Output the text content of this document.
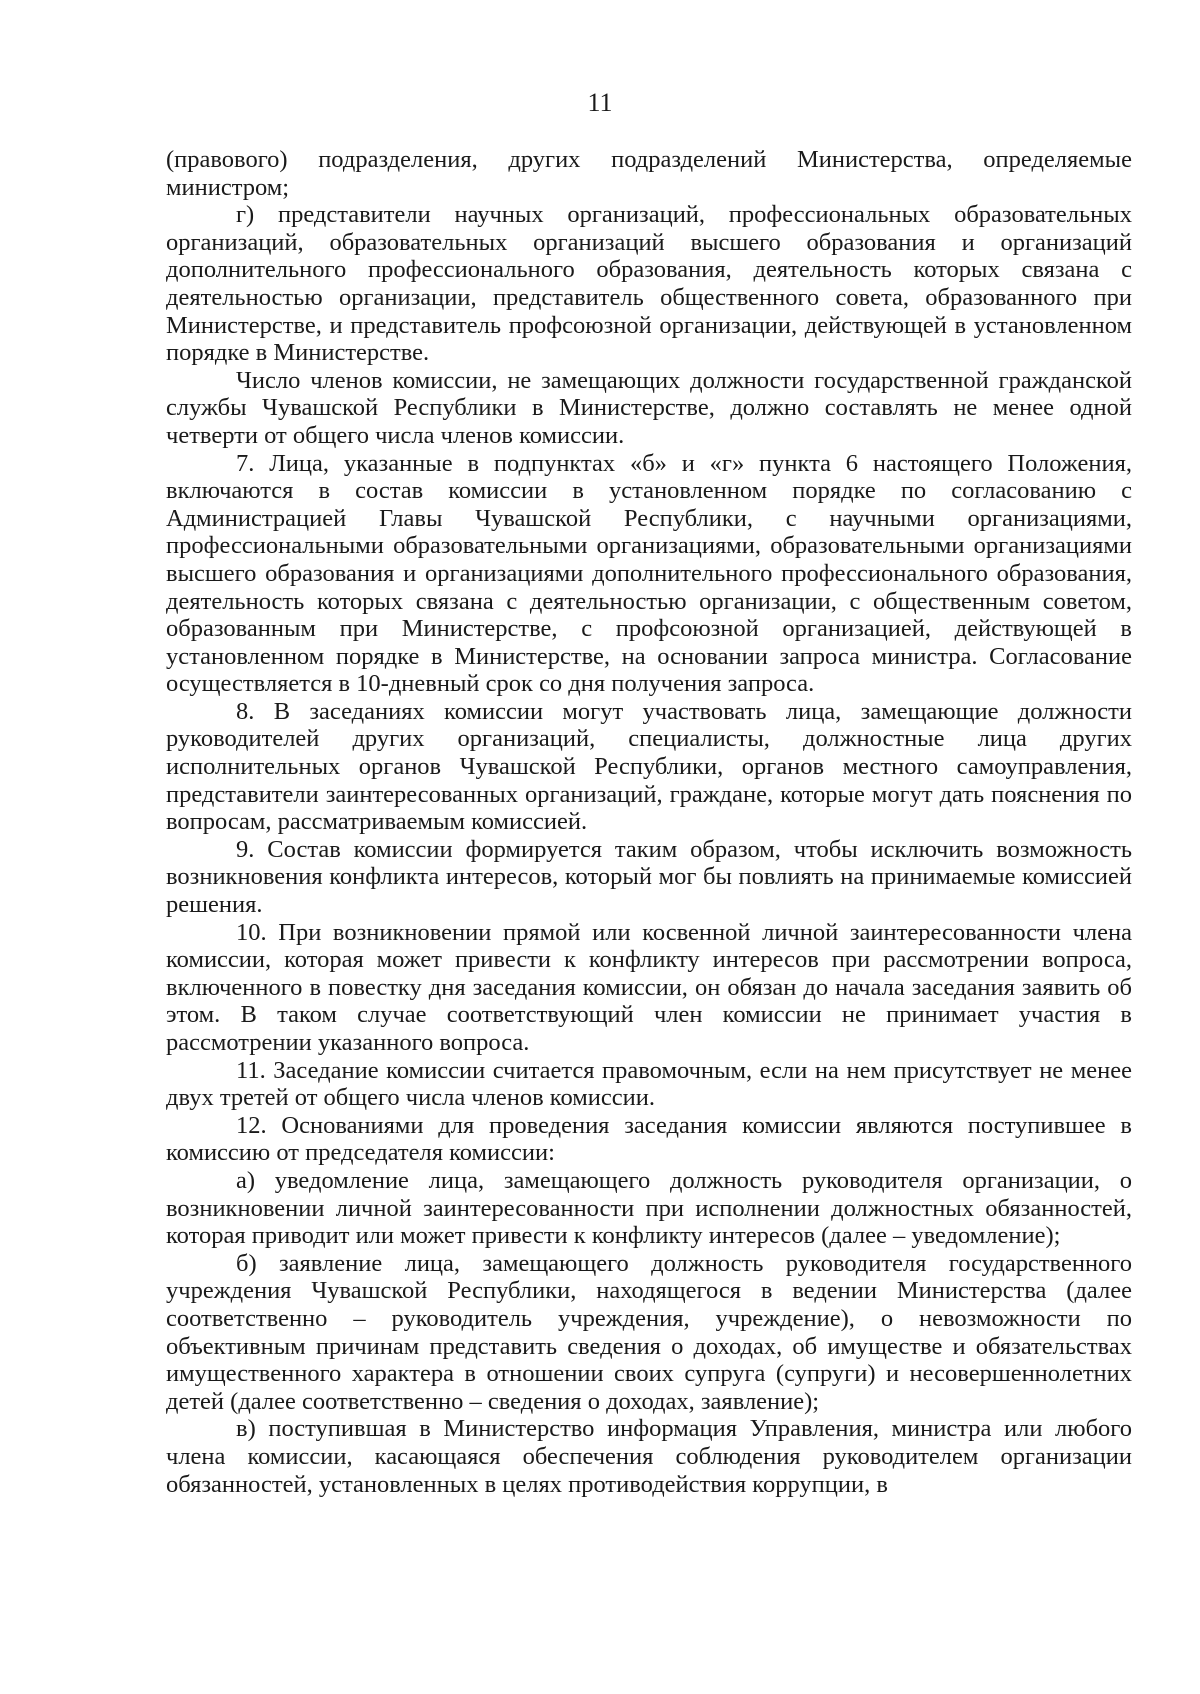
11

(правового) подразделения, других подразделений Министерства, определяемые министром;

г) представители научных организаций, профессиональных образовательных организаций, образовательных организаций высшего образования и организаций дополнительного профессионального образования, деятельность которых связана с деятельностью организации, представитель общественного совета, образованного при Министерстве, и представитель профсоюзной организации, действующей в установленном порядке в Министерстве.

Число членов комиссии, не замещающих должности государственной гражданской службы Чувашской Республики в Министерстве, должно составлять не менее одной четверти от общего числа членов комиссии.

7. Лица, указанные в подпунктах «б» и «г» пункта 6 настоящего Положения, включаются в состав комиссии в установленном порядке по согласованию с Администрацией Главы Чувашской Республики, с научными организациями, профессиональными образовательными организациями, образовательными организациями высшего образования и организациями дополнительного профессионального образования, деятельность которых связана с деятельностью организации, с общественным советом, образованным при Министерстве, с профсоюзной организацией, действующей в установленном порядке в Министерстве, на основании запроса министра. Согласование осуществляется в 10-дневный срок со дня получения запроса.

8. В заседаниях комиссии могут участвовать лица, замещающие должности руководителей других организаций, специалисты, должностные лица других исполнительных органов Чувашской Республики, органов местного самоуправления, представители заинтересованных организаций, граждане, которые могут дать пояснения по вопросам, рассматриваемым комиссией.

9. Состав комиссии формируется таким образом, чтобы исключить возможность возникновения конфликта интересов, который мог бы повлиять на принимаемые комиссией решения.

10. При возникновении прямой или косвенной личной заинтересованности члена комиссии, которая может привести к конфликту интересов при рассмотрении вопроса, включенного в повестку дня заседания комиссии, он обязан до начала заседания заявить об этом. В таком случае соответствующий член комиссии не принимает участия в рассмотрении указанного вопроса.

11. Заседание комиссии считается правомочным, если на нем присутствует не менее двух третей от общего числа членов комиссии.

12. Основаниями для проведения заседания комиссии являются поступившее в комиссию от председателя комиссии:

а) уведомление лица, замещающего должность руководителя организации, о возникновении личной заинтересованности при исполнении должностных обязанностей, которая приводит или может привести к конфликту интересов (далее – уведомление);

б) заявление лица, замещающего должность руководителя государственного учреждения Чувашской Республики, находящегося в ведении Министерства (далее соответственно – руководитель учреждения, учреждение), о невозможности по объективным причинам представить сведения о доходах, об имуществе и обязательствах имущественного характера в отношении своих супруга (супруги) и несовершеннолетних детей (далее соответственно – сведения о доходах, заявление);

в) поступившая в Министерство информация Управления, министра или любого члена комиссии, касающаяся обеспечения соблюдения руководителем организации обязанностей, установленных в целях противодействия коррупции, в
